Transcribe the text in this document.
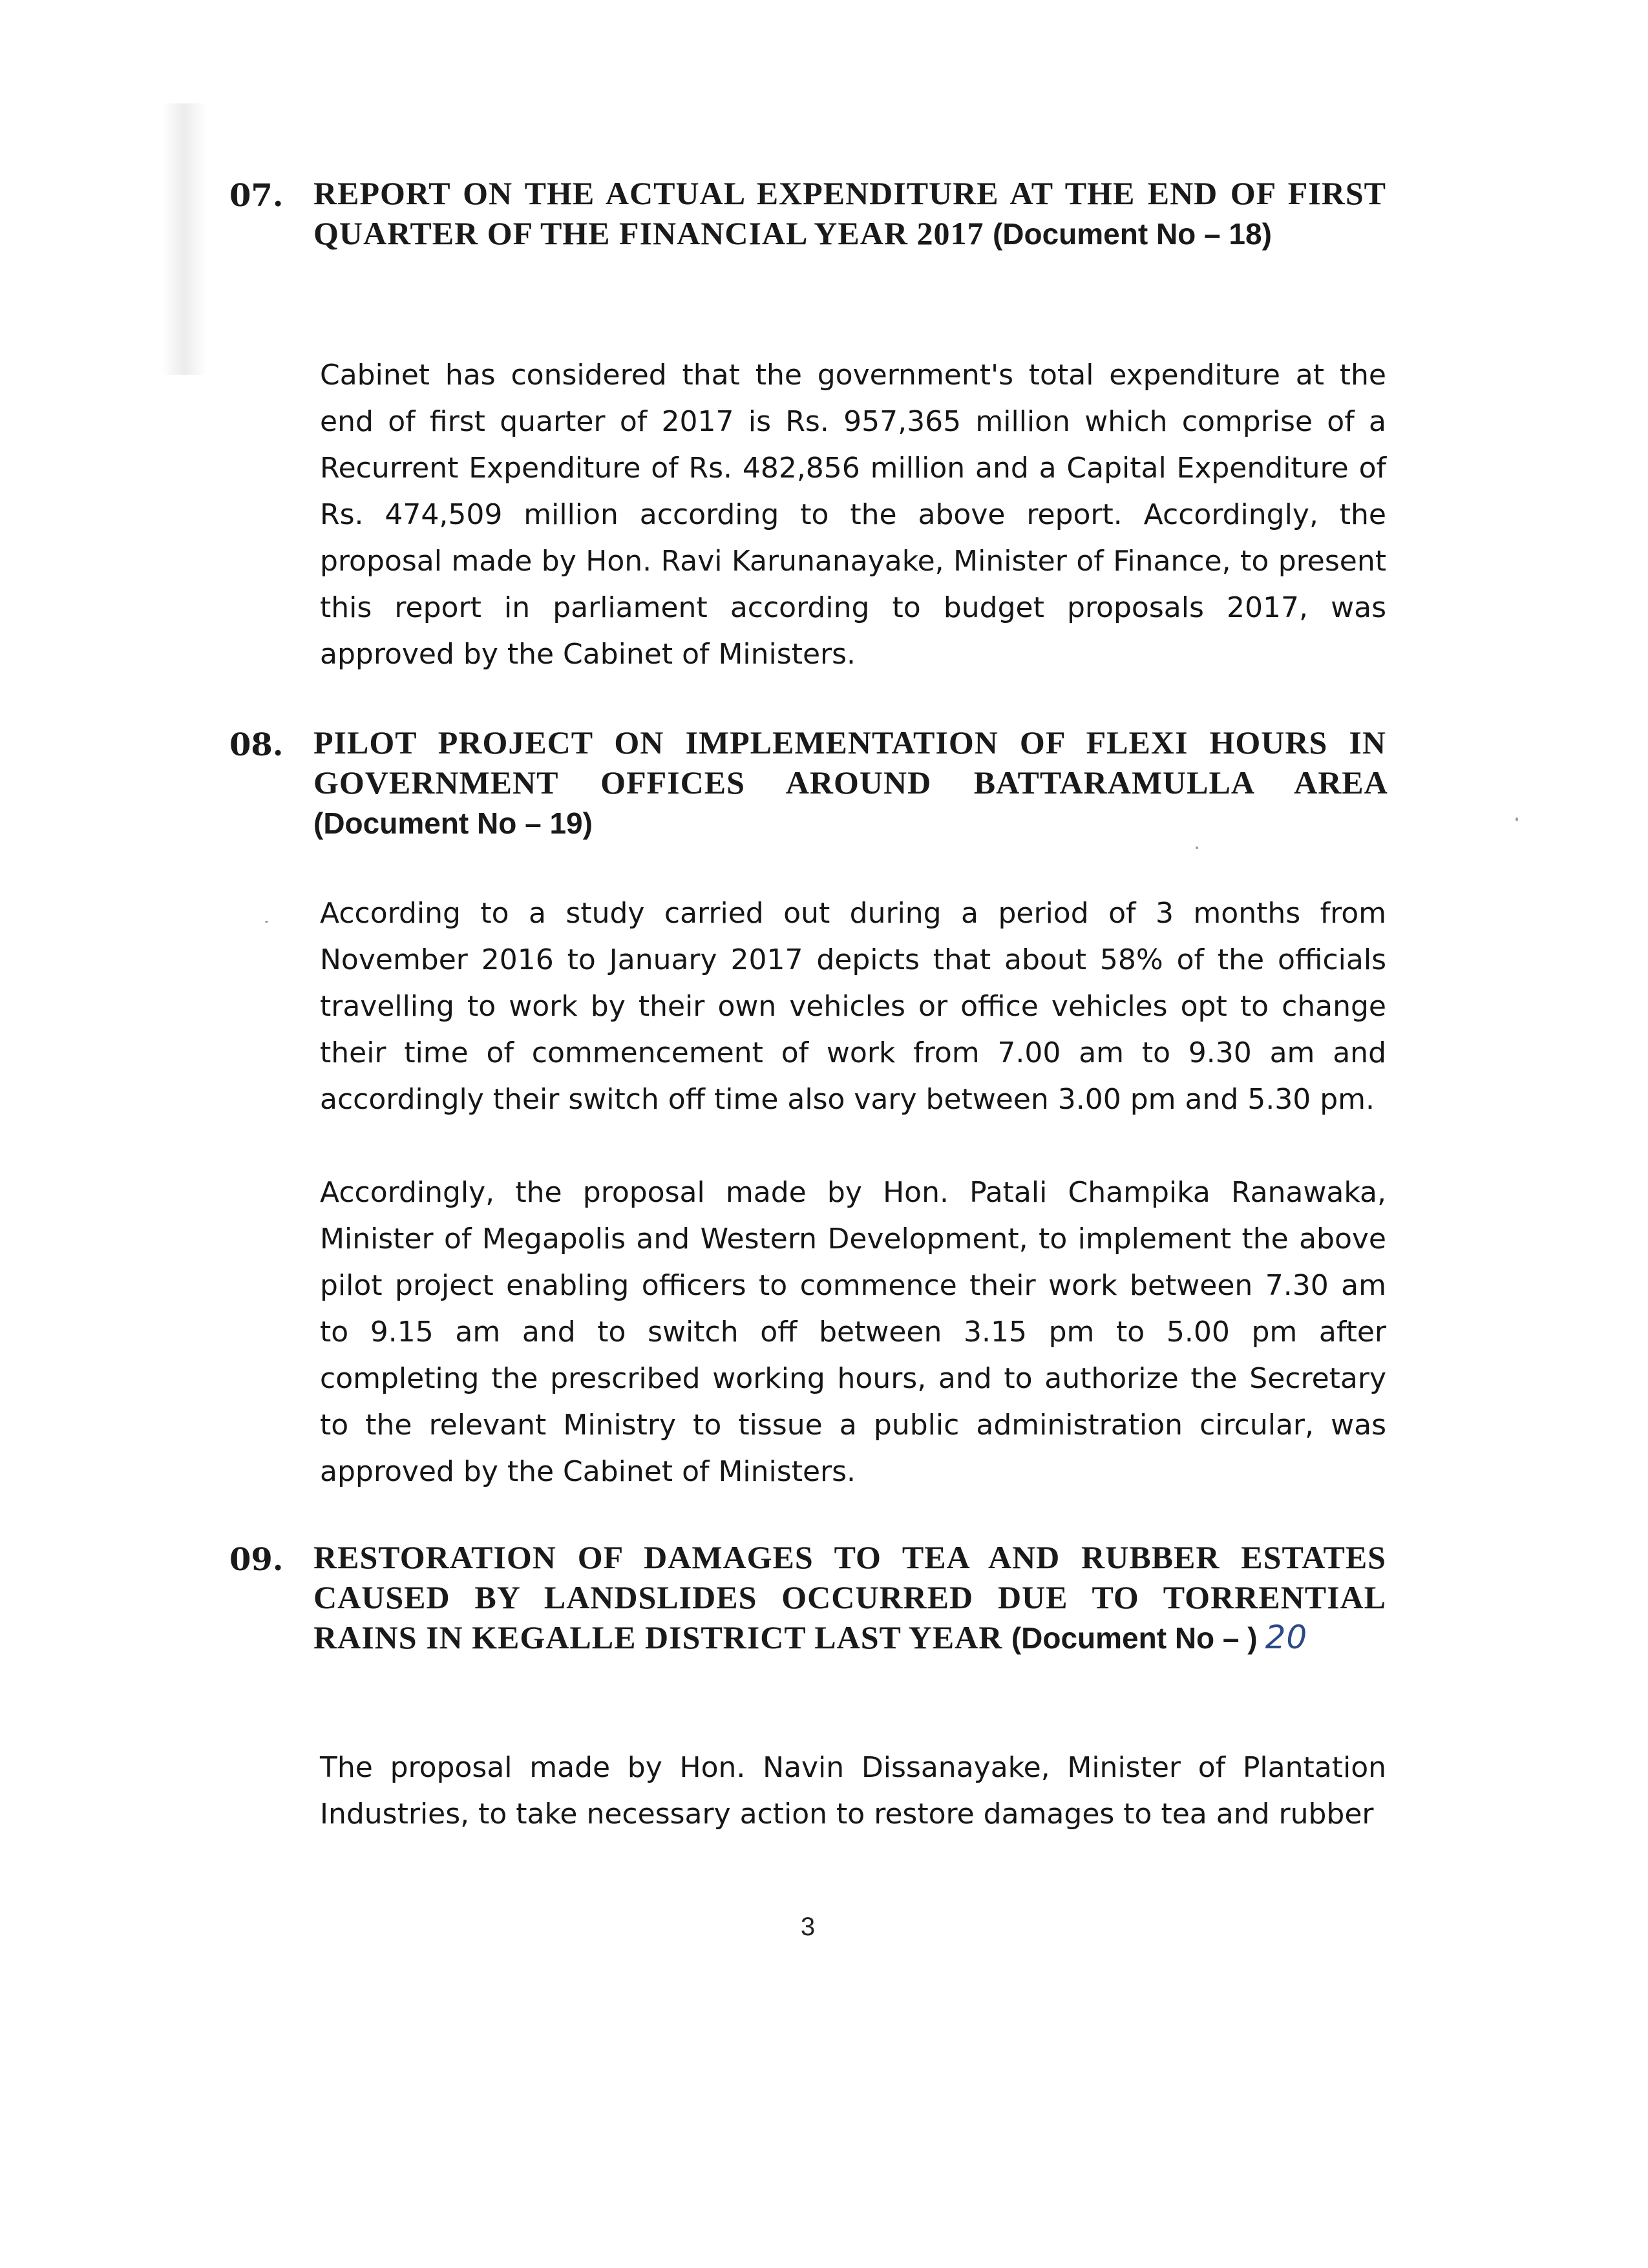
07. REPORT ON THE ACTUAL EXPENDITURE AT THE END OF FIRST QUARTER OF THE FINANCIAL YEAR 2017 (Document No – 18)
Cabinet has considered that the government's total expenditure at the end of first quarter of 2017 is Rs. 957,365 million which comprise of a Recurrent Expenditure of Rs. 482,856 million and a Capital Expenditure of Rs. 474,509 million according to the above report. Accordingly, the proposal made by Hon. Ravi Karunanayake, Minister of Finance, to present this report in parliament according to budget proposals 2017, was approved by the Cabinet of Ministers.
08. PILOT PROJECT ON IMPLEMENTATION OF FLEXI HOURS IN GOVERNMENT OFFICES AROUND BATTARAMULLA AREA (Document No – 19)
According to a study carried out during a period of 3 months from November 2016 to January 2017 depicts that about 58% of the officials travelling to work by their own vehicles or office vehicles opt to change their time of commencement of work from 7.00 am to 9.30 am and accordingly their switch off time also vary between 3.00 pm and 5.30 pm.
Accordingly, the proposal made by Hon. Patali Champika Ranawaka, Minister of Megapolis and Western Development, to implement the above pilot project enabling officers to commence their work between 7.30 am to 9.15 am and to switch off between 3.15 pm to 5.00 pm after completing the prescribed working hours, and to authorize the Secretary to the relevant Ministry to tissue a public administration circular, was approved by the Cabinet of Ministers.
09. RESTORATION OF DAMAGES TO TEA AND RUBBER ESTATES CAUSED BY LANDSLIDES OCCURRED DUE TO TORRENTIAL RAINS IN KEGALLE DISTRICT LAST YEAR (Document No – ) 20
The proposal made by Hon. Navin Dissanayake, Minister of Plantation Industries, to take necessary action to restore damages to tea and rubber
3
